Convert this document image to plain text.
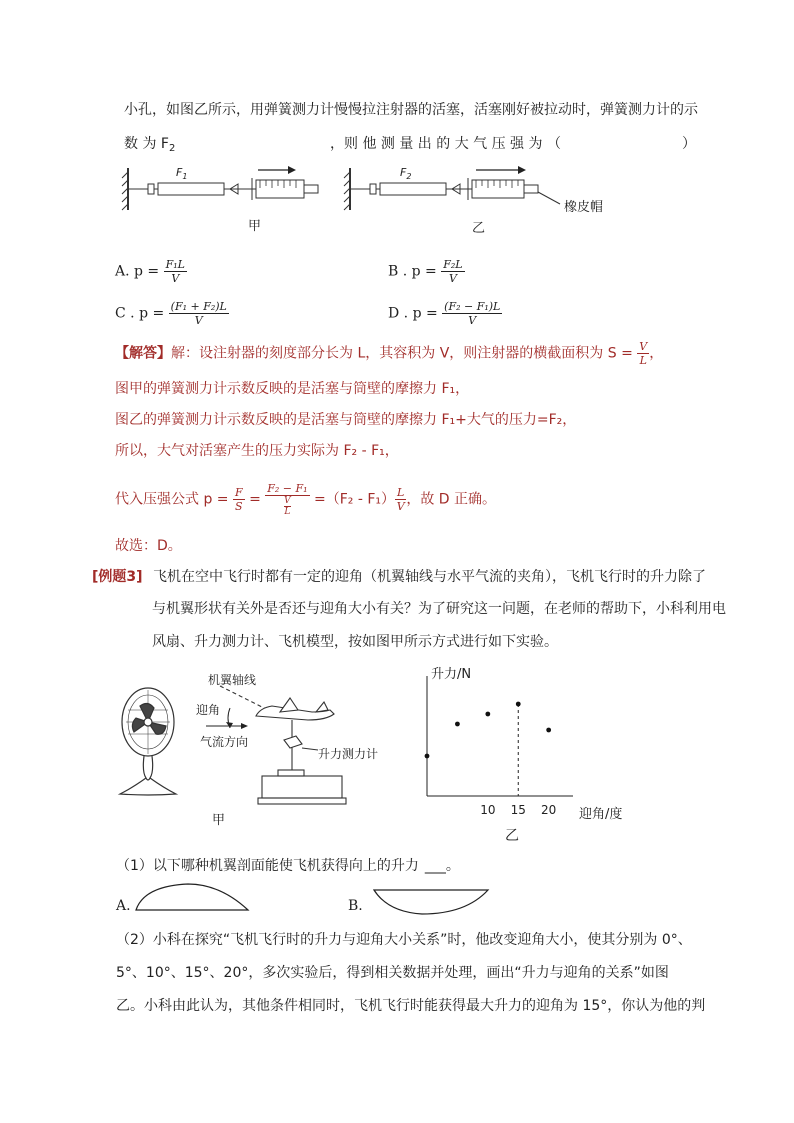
小孔，如图乙所示，用弹簧测力计慢慢拉注射器的活塞，活塞刚好被拉动时，弹簧测力计的示
数 为 $F_2$	，则 他 测 量 出 的 大 气 压 强 为 （	）
$F_1$
甲
$F_2$
橡皮帽
乙
A. $p = \frac{\text{F₁L}}{V}$	B . $p = \frac{\text{F₂L}}{V}$
C . $p = \frac{\text{(F₁ + F₂)L}}{V}$	D . $p = \frac{\text{(F₂ − F₁)L}}{V}$
【解答】解：设注射器的刻度部分长为 L，其容积为 V，则注射器的横截面积为 $S = \frac{V}{L}$ ，
图甲的弹簧测力计示数反映的是活塞与筒壁的摩擦力 F₁，
图乙的弹簧测力计示数反映的是活塞与筒壁的摩擦力 F₁+大气的压力=F₂，
所以，大气对活塞产生的压力实际为 F₂ - F₁，
代入压强公式 $p = \frac{F}{S} = \frac{\text{F₂ − F₁}}{\frac{V}{L}} =(F_2 - F_1) \frac{L}{V}$ ，故 D 正确。
故选：D。
[例题3] 飞机在空中飞行时都有一定的迎角（机翼轴线与水平气流的夹角），飞机飞行时的升力除了
与机翼形状有关外是否还与迎角大小有关？为了研究这一问题，在老师的帮助下，小科利用电
风扇、升力测力计、飞机模型，按如图甲所示方式进行如下实验。
机翼轴线
迎角
气流方向
升力测力计
甲
升力/N
迎角/度
乙
10 15 20
（1）以下哪种机翼剖面能使飞机获得向上的升力 ___。
A.	B.
（2）小科在探究“飞机飞行时的升力与迎角大小关系”时，他改变迎角大小，使其分别为 0°、
5°、10°、15°、20°，多次实验后，得到相关数据并处理，画出“升力与迎角的关系”如图
乙。小科由此认为，其他条件相同时，飞机飞行时能获得最大升力的迎角为 15°，你认为他的判
